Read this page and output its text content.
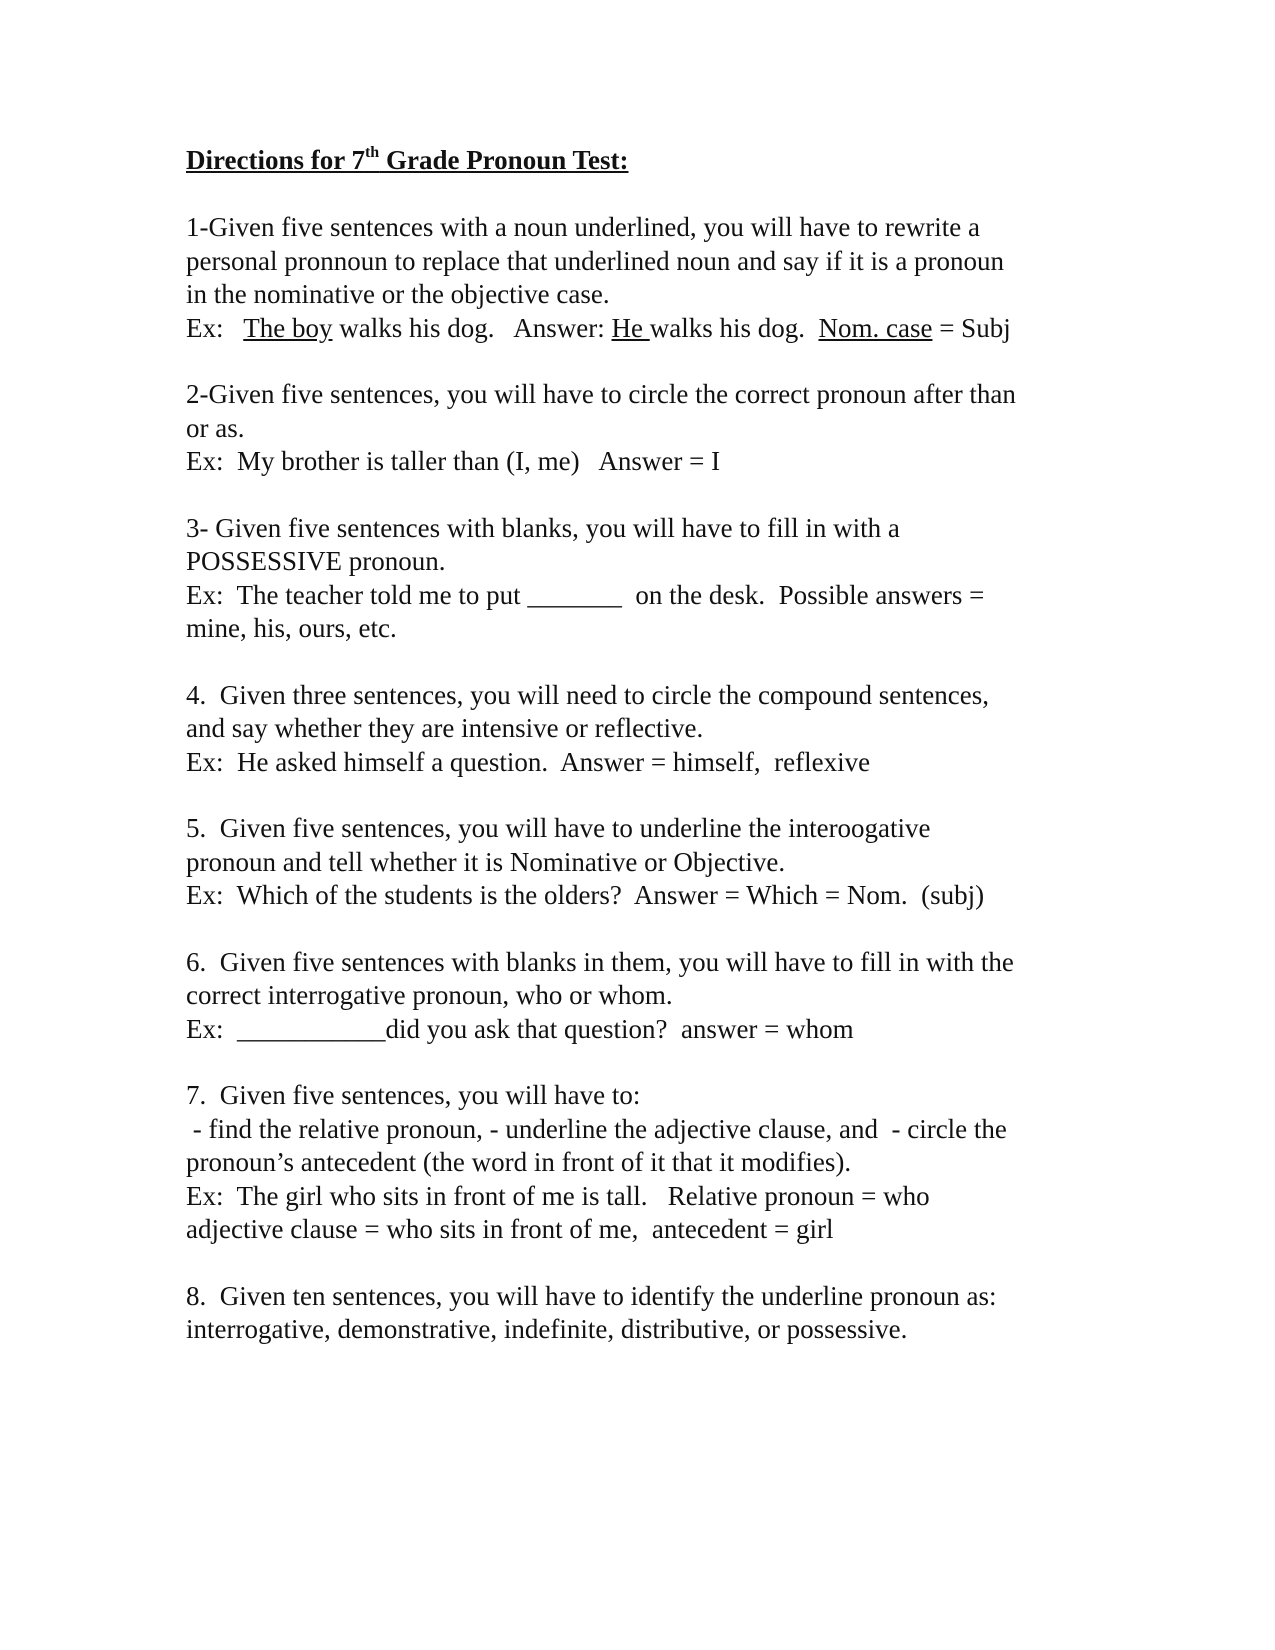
Directions for 7th Grade Pronoun Test:
1-Given five sentences with a noun underlined, you will have to rewrite a
personal pronnoun to replace that underlined noun and say if it is a pronoun
in the nominative or the objective case.
Ex:   The boy walks his dog.   Answer: He walks his dog.  Nom. case = Subj
2-Given five sentences, you will have to circle the correct pronoun after than
or as.
Ex:  My brother is taller than (I, me)   Answer = I
3- Given five sentences with blanks, you will have to fill in with a
POSSESSIVE pronoun.
Ex:  The teacher told me to put _______  on the desk.  Possible answers =
mine, his, ours, etc.
4.  Given three sentences, you will need to circle the compound sentences,
and say whether they are intensive or reflective.
Ex:  He asked himself a question.  Answer = himself,  reflexive
5.  Given five sentences, you will have to underline the interoogative
pronoun and tell whether it is Nominative or Objective.
Ex:  Which of the students is the olders?  Answer = Which = Nom.  (subj)
6.  Given five sentences with blanks in them, you will have to fill in with the
correct interrogative pronoun, who or whom.
Ex:  ___________did you ask that question?  answer = whom
7.  Given five sentences, you will have to:
- find the relative pronoun, - underline the adjective clause, and  - circle the
pronoun’s antecedent (the word in front of it that it modifies).
Ex:  The girl who sits in front of me is tall.   Relative pronoun = who
adjective clause = who sits in front of me,  antecedent = girl
8.  Given ten sentences, you will have to identify the underline pronoun as:
interrogative, demonstrative, indefinite, distributive, or possessive.
